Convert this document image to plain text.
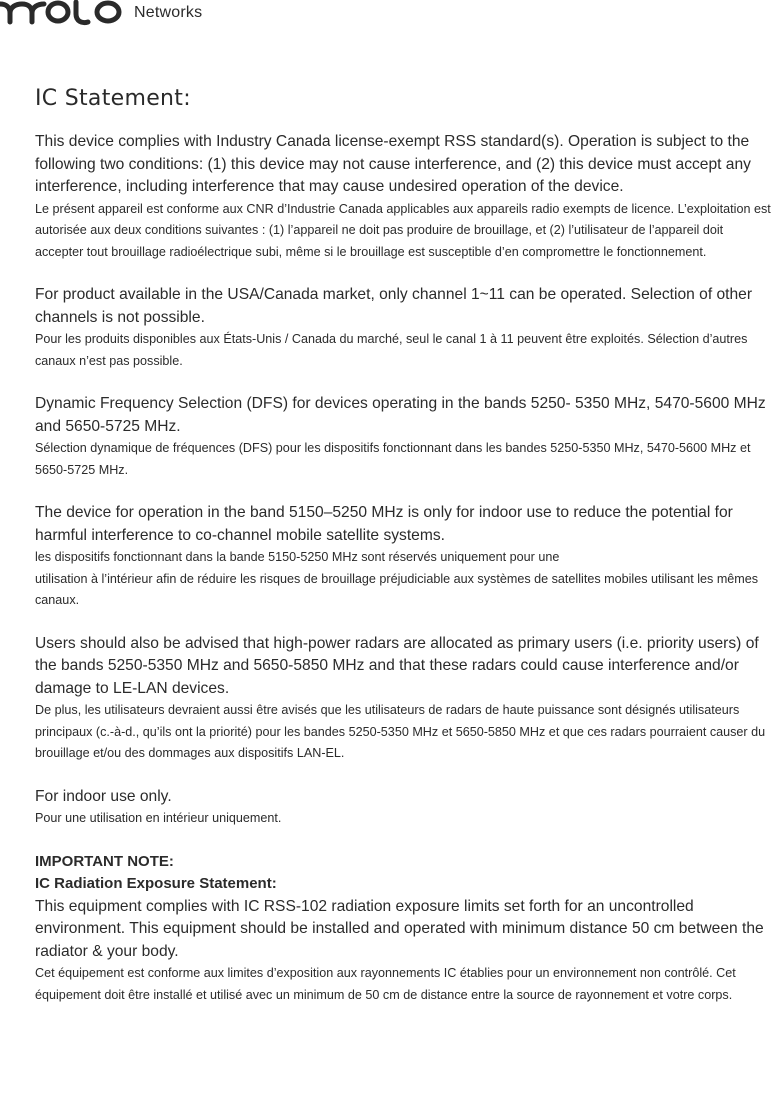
Networks
IC Statement:

This device complies with Industry Canada license-exempt RSS standard(s). Operation is subject to the following two conditions: (1) this device may not cause interference, and (2) this device must accept any interference, including interference that may cause undesired operation of the device.

Le présent appareil est conforme aux CNR d’Industrie Canada applicables aux appareils radio exempts de licence. L’exploitation est autorisée aux deux conditions suivantes : (1) l’appareil ne doit pas produire de brouillage, et (2) l’utilisateur de l’appareil doit accepter tout brouillage radioélectrique subi, même si le brouillage est susceptible d’en compromettre le fonctionnement.

For product available in the USA/Canada market, only channel 1~11 can be operated. Selection of other channels is not possible.

Pour les produits disponibles aux États-Unis / Canada du marché, seul le canal 1 à 11 peuvent être exploités. Sélection d’autres canaux n’est pas possible.

Dynamic Frequency Selection (DFS) for devices operating in the bands 5250- 5350 MHz, 5470-5600 MHz and 5650-5725 MHz.

Sélection dynamique de fréquences (DFS) pour les dispositifs fonctionnant dans les bandes 5250-5350 MHz, 5470-5600 MHz et 5650-5725 MHz.

The device for operation in the band 5150–5250 MHz is only for indoor use to reduce the potential for harmful interference to co-channel mobile satellite systems.

les dispositifs fonctionnant dans la bande 5150-5250 MHz sont réservés uniquement pour une

utilisation à l’intérieur afin de réduire les risques de brouillage préjudiciable aux systèmes de satellites mobiles utilisant les mêmes canaux.

Users should also be advised that high-power radars are allocated as primary users (i.e. priority users) of the bands 5250-5350 MHz and 5650-5850 MHz and that these radars could cause interference and/or damage to LE-LAN devices.

De plus, les utilisateurs devraient aussi être avisés que les utilisateurs de radars de haute puissance sont désignés utilisateurs principaux (c.-à-d., qu’ils ont la priorité) pour les bandes 5250-5350 MHz et 5650-5850 MHz et que ces radars pourraient causer du brouillage et/ou des dommages aux dispositifs LAN-EL.

For indoor use only.

Pour une utilisation en intérieur uniquement.

IMPORTANT NOTE:

IC Radiation Exposure Statement:

This equipment complies with IC RSS-102 radiation exposure limits set forth for an uncontrolled environment. This equipment should be installed and operated with minimum distance 50 cm between the radiator & your body.

Cet équipement est conforme aux limites d’exposition aux rayonnements IC établies pour un environnement non contrôlé. Cet équipement doit être installé et utilisé avec un minimum de 50 cm de distance entre la source de rayonnement et votre corps.
